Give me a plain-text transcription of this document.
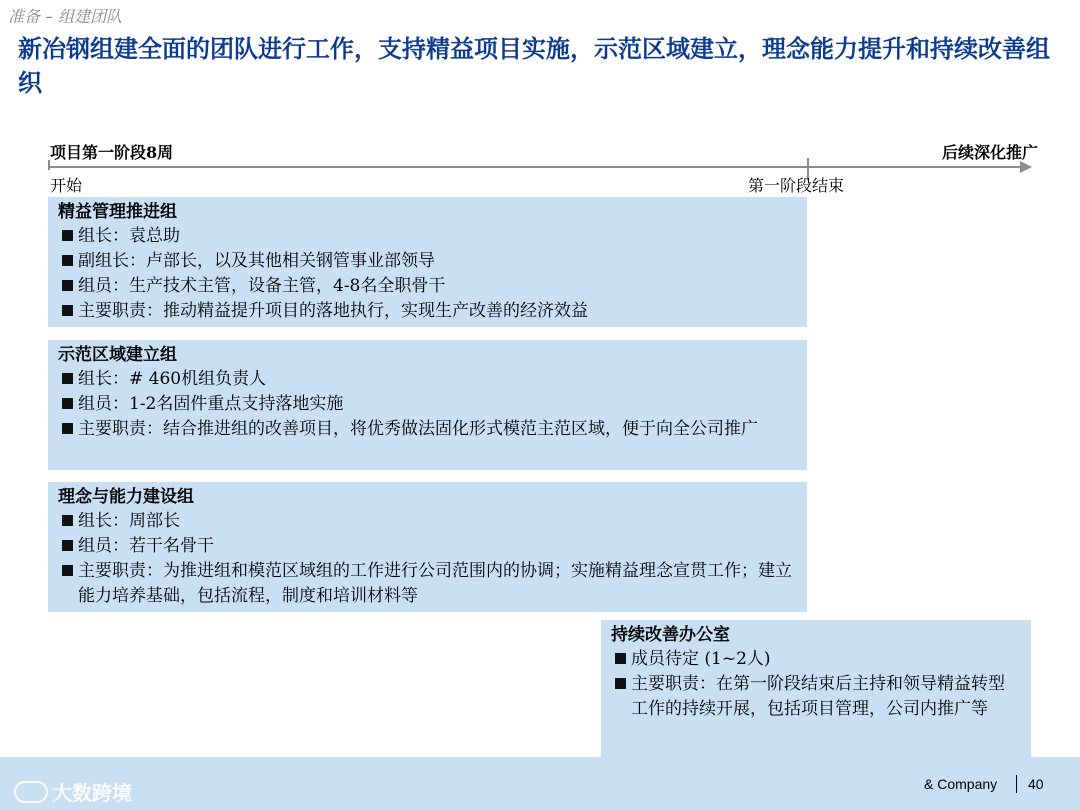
准备 – 组建团队
新冶钢组建全面的团队进行工作，支持精益项目实施，示范区域建立，理念能力提升和持续改善组织
项目第一阶段8周	后续深化推广
开始	第一阶段结束
精益管理推进组
组长：袁总助
副组长：卢部长，以及其他相关钢管事业部领导
组员：生产技术主管，设备主管，4-8名全职骨干
主要职责：推动精益提升项目的落地执行，实现生产改善的经济效益
示范区域建立组
组长：# 460机组负责人
组员：1-2名固件重点支持落地实施
主要职责：结合推进组的改善项目，将优秀做法固化形式模范主范区域，便于向全公司推广
理念与能力建设组
组长：周部长
组员：若干名骨干
主要职责：为推进组和模范区域组的工作进行公司范围内的协调；实施精益理念宣贯工作；建立能力培养基础，包括流程，制度和培训材料等
持续改善办公室
成员待定 (1~2人)
主要职责：在第一阶段结束后主持和领导精益转型工作的持续开展，包括项目管理，公司内推广等
大数跨境	& Company 40
